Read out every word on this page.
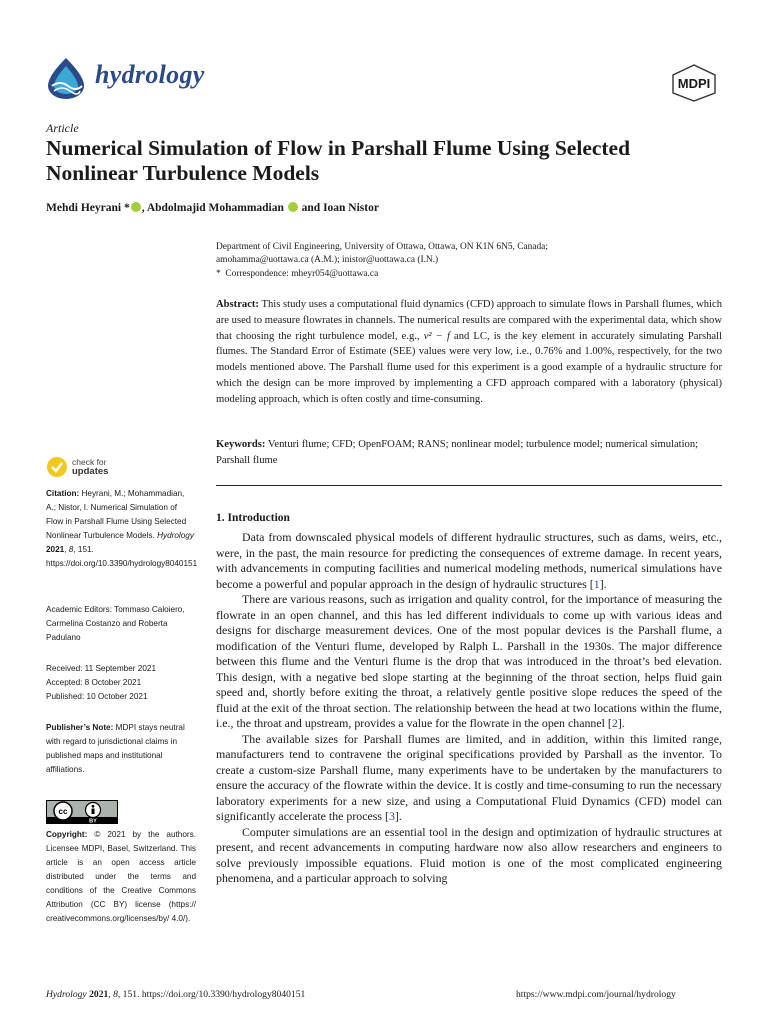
hydrology	MDPI
Article
Numerical Simulation of Flow in Parshall Flume Using Selected Nonlinear Turbulence Models
Mehdi Heyrani * , Abdolmajid Mohammadian and Ioan Nistor
Department of Civil Engineering, University of Ottawa, Ottawa, ON K1N 6N5, Canada;
amohamma@uottawa.ca (A.M.); inistor@uottawa.ca (I.N.)
* Correspondence: mheyr054@uottawa.ca
Abstract: This study uses a computational fluid dynamics (CFD) approach to simulate flows in Parshall flumes, which are used to measure flowrates in channels. The numerical results are compared with the experimental data, which show that choosing the right turbulence model, e.g., v² − f and LC, is the key element in accurately simulating Parshall flumes. The Standard Error of Estimate (SEE) values were very low, i.e., 0.76% and 1.00%, respectively, for the two models mentioned above. The Parshall flume used for this experiment is a good example of a hydraulic structure for which the design can be more improved by implementing a CFD approach compared with a laboratory (physical) modeling approach, which is often costly and time-consuming.
Keywords: Venturi flume; CFD; OpenFOAM; RANS; nonlinear model; turbulence model; numerical simulation; Parshall flume
check for
updates
Citation: Heyrani, M.; Mohammadian, A.; Nistor, I. Numerical Simulation of Flow in Parshall Flume Using Selected Nonlinear Turbulence Models. Hydrology 2021, 8, 151. https://doi.org/10.3390/hydrology8040151
Academic Editors: Tommaso Caloiero, Carmelina Costanzo and Roberta Padulano
Received: 11 September 2021
Accepted: 8 October 2021
Published: 10 October 2021
Publisher’s Note: MDPI stays neutral with regard to jurisdictional claims in published maps and institutional affiliations.
cc
BY
Copyright: © 2021 by the authors. Licensee MDPI, Basel, Switzerland. This article is an open access article distributed under the terms and conditions of the Creative Commons Attribution (CC BY) license (https:// creativecommons.org/licenses/by/ 4.0/).
1. Introduction

Data from downscaled physical models of different hydraulic structures, such as dams, weirs, etc., were, in the past, the main resource for predicting the consequences of extreme damage. In recent years, with advancements in computing facilities and numerical modeling methods, numerical simulations have become a powerful and popular approach in the design of hydraulic structures [1].

There are various reasons, such as irrigation and quality control, for the importance of measuring the flowrate in an open channel, and this has led different individuals to come up with various ideas and designs for discharge measurement devices. One of the most popular devices is the Parshall flume, a modification of the Venturi flume, developed by Ralph L. Parshall in the 1930s. The major difference between this flume and the Venturi flume is the drop that was introduced in the throat’s bed elevation. This design, with a negative bed slope starting at the beginning of the throat section, helps fluid gain speed and, shortly before exiting the throat, a relatively gentle positive slope reduces the speed of the fluid at the exit of the throat section. The relationship between the head at two locations within the flume, i.e., the throat and upstream, provides a value for the flowrate in the open channel [2].

The available sizes for Parshall flumes are limited, and in addition, within this limited range, manufacturers tend to contravene the original specifications provided by Parshall as the inventor. To create a custom-size Parshall flume, many experiments have to be undertaken by the manufacturers to ensure the accuracy of the flowrate within the device. It is costly and time-consuming to run the necessary laboratory experiments for a new size, and using a Computational Fluid Dynamics (CFD) model can significantly accelerate the process [3].

Computer simulations are an essential tool in the design and optimization of hydraulic structures at present, and recent advancements in computing hardware now also allow researchers and engineers to solve previously impossible equations. Fluid motion is one of the most complicated engineering phenomena, and a particular approach to solving

Hydrology 2021, 8, 151. https://doi.org/10.3390/hydrology8040151	https://www.mdpi.com/journal/hydrology
